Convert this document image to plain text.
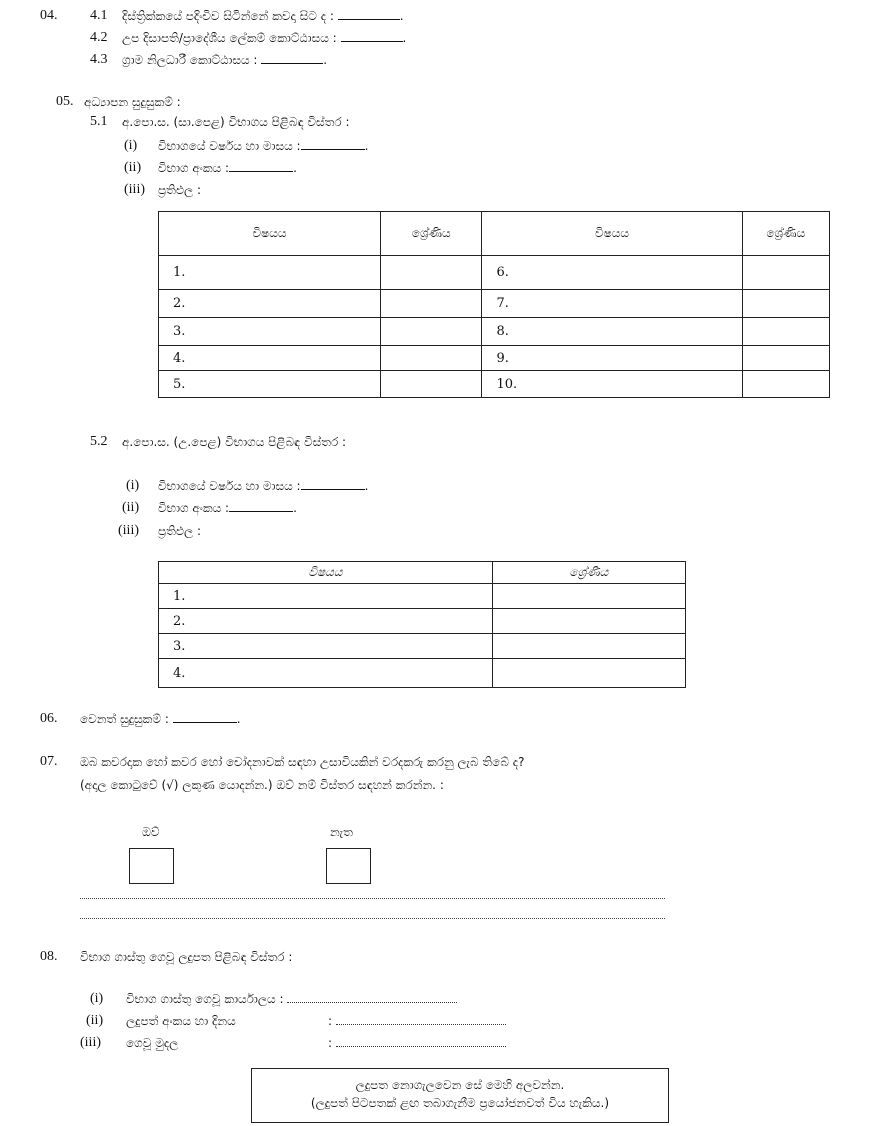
04. 4.1 දිස්ත්‍රික්කයේ පදිංචිව සිටින්නේ කවදා සිට ද :	.
4.2 උප දිසාපති/ප්‍රාදේශීය ලේකම් කොට්ඨාසය :	.
4.3 ග්‍රාම නිලධාරී කොට්ඨාසය :	.
05. අධ්‍යාපන සුදුසුකම් :
5.1 අ.පො.ස. (සා.පෙළ) විභාගය පිළිබඳ විස්තර :
(i) විභාගයේ වර්ෂය හා මාසය :	.
(ii) විභාග අංකය :	.
(iii) ප්‍රතිඵල :
විෂයය	ශ්‍රේණිය	විෂයය	ශ්‍රේණිය
1.		6.	
2.		7.	
3.		8.	
4.		9.	
5.		10.	
5.2 අ.පො.ස. (උ.පෙළ) විභාගය පිළිබඳ විස්තර :
(i) විභාගයේ වර්ෂය හා මාසය :	.
(ii) විභාග අංකය :	.
(iii) ප්‍රතිඵල :
විෂයය	ශ්‍රේණිය
1.	
2.	
3.	
4.	
06. වෙනත් සුදුසුකම් :	.
07. ඔබ කවරදාක හෝ කවර හෝ චෝදනාවක් සඳහා උසාවියකින් වරදකරු කරනු ලැබ තිබේ ද?
(අදාල කොටුවේ (√) ලකුණ යොදන්න.) ඔව් නම් විස්තර සඳහන් කරන්න. :
ඔව්	නැත
08. විභාග ගාස්තු ගෙවූ ලදුපත පිළිබඳ විස්තර :
(i) විභාග ගාස්තු ගෙවූ කාර්යාලය :
(ii) ලදුපත් අංකය හා දිනය	:
(iii) ගෙවූ මුදල	:
ලදුපත නොගැලවෙන සේ මෙහි අලවන්න.
(ලදුපත් පිටපතක් ළඟ තබාගැනීම ප්‍රයෝජනවත් විය හැකිය.)
